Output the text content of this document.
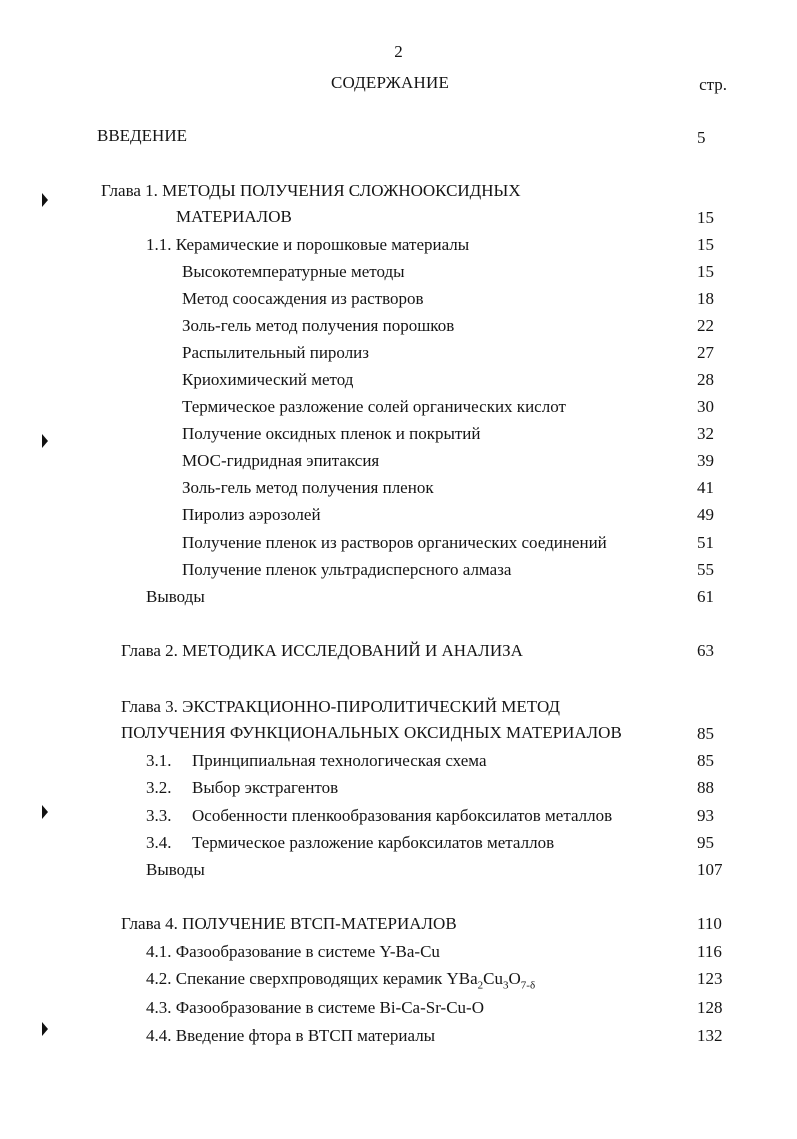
2
СОДЕРЖАНИЕ	стр.
ВВЕДЕНИЕ	5
Глава 1. МЕТОДЫ ПОЛУЧЕНИЯ СЛОЖНООКСИДНЫХ
МАТЕРИАЛОВ	15
1.1. Керамические и порошковые материалы	15
Высокотемпературные методы	15
Метод соосаждения из растворов	18
Золь-гель метод получения порошков	22
Распылительный пиролиз	27
Криохимический метод	28
Термическое разложение солей органических кислот	30
Получение оксидных пленок и покрытий	32
МОС-гидридная эпитаксия	39
Золь-гель метод получения пленок	41
Пиролиз аэрозолей	49
Получение пленок из растворов органических соединений	51
Получение пленок ультрадисперсного алмаза	55
Выводы	61
Глава 2. МЕТОДИКА ИССЛЕДОВАНИЙ И АНАЛИЗА	63
Глава 3. ЭКСТРАКЦИОННО-ПИРОЛИТИЧЕСКИЙ МЕТОД
ПОЛУЧЕНИЯ ФУНКЦИОНАЛЬНЫХ ОКСИДНЫХ МАТЕРИАЛОВ	85
3.1. Принципиальная технологическая схема	85
3.2. Выбор экстрагентов	88
3.3. Особенности пленкообразования карбоксилатов металлов	93
3.4. Термическое разложение карбоксилатов металлов	95
Выводы	107
Глава 4. ПОЛУЧЕНИЕ ВТСП-МАТЕРИАЛОВ	110
4.1. Фазообразование в системе Y-Ba-Cu	116
4.2. Спекание сверхпроводящих керамик $YBa_2Cu_3O_{7-\delta}$	123
4.3. Фазообразование в системе Bi-Ca-Sr-Cu-O	128
4.4. Введение фтора в ВТСП материалы	132
